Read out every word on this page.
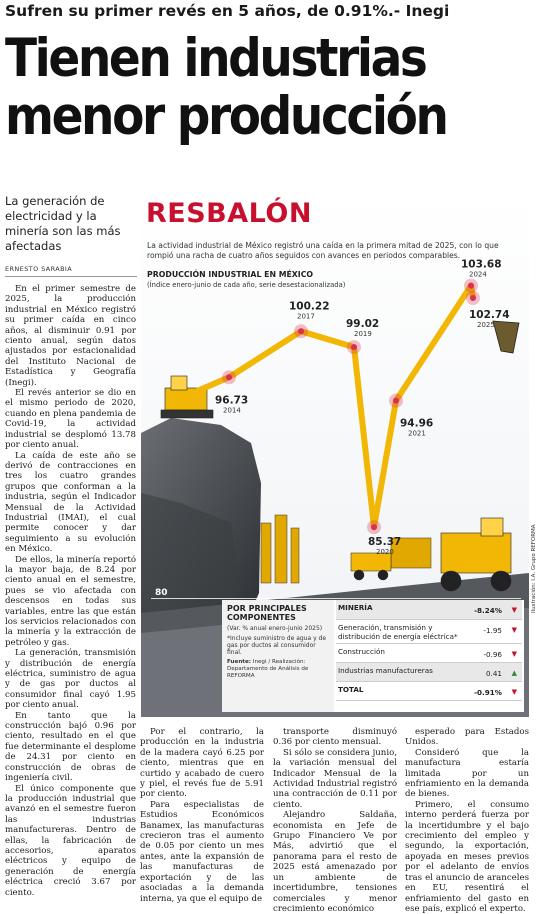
Sufren su primer revés en 5 años, de 0.91%.- Inegi
Tienen industrias
menor producción
La generación de electricidad y la minería son las más afectadas
ERNESTO SARABIA

En el primer semestre de 2025, la producción industrial en México registró su primer caída en cinco años, al disminuir 0.91 por ciento anual, según datos ajustados por estacionalidad del Instituto Nacional de Estadística y Geografía (Inegi).

El revés anterior se dio en el mismo periodo de 2020, cuando en plena pandemia de Covid-19, la actividad industrial se desplomó 13.78 por ciento anual.

La caída de este año se derivó de contracciones en tres los cuatro grandes grupos que conforman a la industria, según el Indicador Mensual de la Actividad Industrial (IMAI), el cual permite conocer y dar seguimiento a su evolución en México.

De ellos, la minería reportó la mayor baja, de 8.24 por ciento anual en el semestre, pues se vio afectada con descensos en todas sus variables, entre las que están los servicios relacionados con la minería y la extracción de petróleo y gas.

La generación, transmisión y distribución de energía eléctrica, suministro de agua y de gas por ductos al consumidor final cayó 1.95 por ciento anual.

En tanto que la construcción bajó 0.96 por ciento, resultado en el que fue determinante el desplome de 24.31 por ciento en construcción de obras de ingeniería civil.

El único componente que la producción industrial que avanzó en el semestre fueron las industrias manufactureras. Dentro de ellas, la fabricación de accesorios, aparatos eléctricos y equipo de generación de energía eléctrica creció 3.67 por ciento.

Por el contrario, la producción en la industria de la madera cayó 6.25 por ciento, mientras que en curtido y acabado de cuero y piel, el revés fue de 5.91 por ciento.

Para especialistas de Estudios Económicos Banamex, las manufacturas crecieron tras el aumento de 0.05 por ciento un mes antes, ante la expansión de las manufacturas de exportación y de las asociadas a la demanda interna, ya que el equipo de

transporte disminuyó 0.36 por ciento mensual.

Si sólo se considera junio, la variación mensual del Indicador Mensual de la Actividad Industrial registró una contracción de 0.11 por ciento.

Alejandro Saldaña, economista en Jefe de Grupo Financiero Ve por Más, advirtió que el panorama para el resto de 2025 está amenazado por un ambiente de incertidumbre, tensiones comerciales y menor crecimiento económico

esperado para Estados Unidos.

Consideró que la manufactura estaría limitada por un enfriamiento en la demanda de bienes.

Primero, el consumo interno perderá fuerza por la incertidumbre y el bajo crecimiento del empleo y segundo, la exportación, apoyada en meses previos por el adelanto de envíos tras el anuncio de aranceles en EU, resentirá el enfriamiento del gasto en ese país, explicó el experto.

80
96.73
2014
100.22
2017
99.02
2019
85.37
2020
94.96
2021
103.68
2024
102.74
2025
RESBALÓN
La actividad industrial de México registró una caída en la primera mitad de 2025, con lo que rompió una racha de cuatro años seguidos con avances en periodos comparables.
PRODUCCIÓN INDUSTRIAL EN MÉXICO
(Índice enero-junio de cada año, serie desestacionalizada)
POR PRINCIPALES COMPONENTES
(Var. % anual enero-junio 2025)
*Incluye suministro de agua y de gas por ductos al consumidor final.
Fuente: Inegi / Realización: Departamento de Análisis de REFORMA
MINERÍA	-8.24% ▼
Generación, transmisión y distribución de energía eléctrica*
-1.95 ▼
Construcción	-0.96 ▼
Industrias manufactureras	0.41 ▲
TOTAL	-0.91% ▼
Ilustración: I.A. Grupo REFORMA
